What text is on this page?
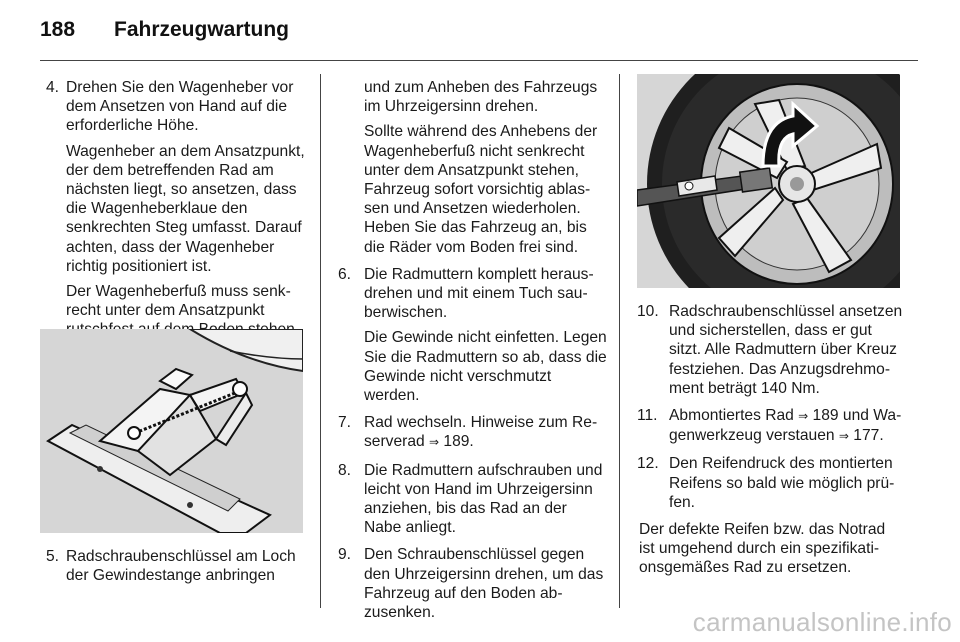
188 Fahrzeugwartung
4. Drehen Sie den Wagenheber vor dem Ansetzen von Hand auf die erforderliche Höhe.

Wagenheber an dem Ansatzpunkt, der dem betreffenden Rad am nächsten liegt, so ansetzen, dass die Wagenheberklaue den senkrechten Steg umfasst. Darauf achten, dass der Wagenheber richtig positioniert ist.

Der Wagenheberfuß muss senkrecht unter dem Ansatzpunkt

5. Radschraubenschlüssel am Loch der Gewindestange anbringen

und zum Anheben des Fahrzeugs im Uhrzeigersinn drehen.

Sollte während des Anhebens der Wagenheberfuß nicht senkrecht unter dem Ansatzpunkt stehen, Fahrzeug sofort vorsichtig ablassen und Ansetzen wiederholen. Heben Sie das Fahrzeug an, bis die Räder vom Boden frei sind.

6. Die Radmuttern komplett herausdrehen und mit einem Tuch sauberwischen.

Die Gewinde nicht einfetten. Legen Sie die Radmuttern so ab, dass die Gewinde nicht verschmutzt werden.

7. Rad wechseln. Hinweise zum Reserverad ⇒ 189.

8. Die Radmuttern aufschrauben und leicht von Hand im Uhrzeigersinn anziehen, bis das Rad an der Nabe anliegt.

9. Den Schraubenschlüssel gegen den Uhrzeigersinn drehen, um das Fahrzeug auf den Boden abzusenken.

10. Radschraubenschlüssel ansetzen und sicherstellen, dass er gut sitzt. Alle Radmuttern über Kreuz festziehen. Das Anzugsdrehmoment beträgt 140 Nm.

11. Abmontiertes Rad ⇒ 189 und Wagenwerkzeug verstauen ⇒ 177.

12. Den Reifendruck des montierten Reifens so bald wie möglich prüfen.

Der defekte Reifen bzw. das Notrad ist umgehend durch ein spezifikationsgemäßes Rad zu ersetzen.

carmanualsonline.info
